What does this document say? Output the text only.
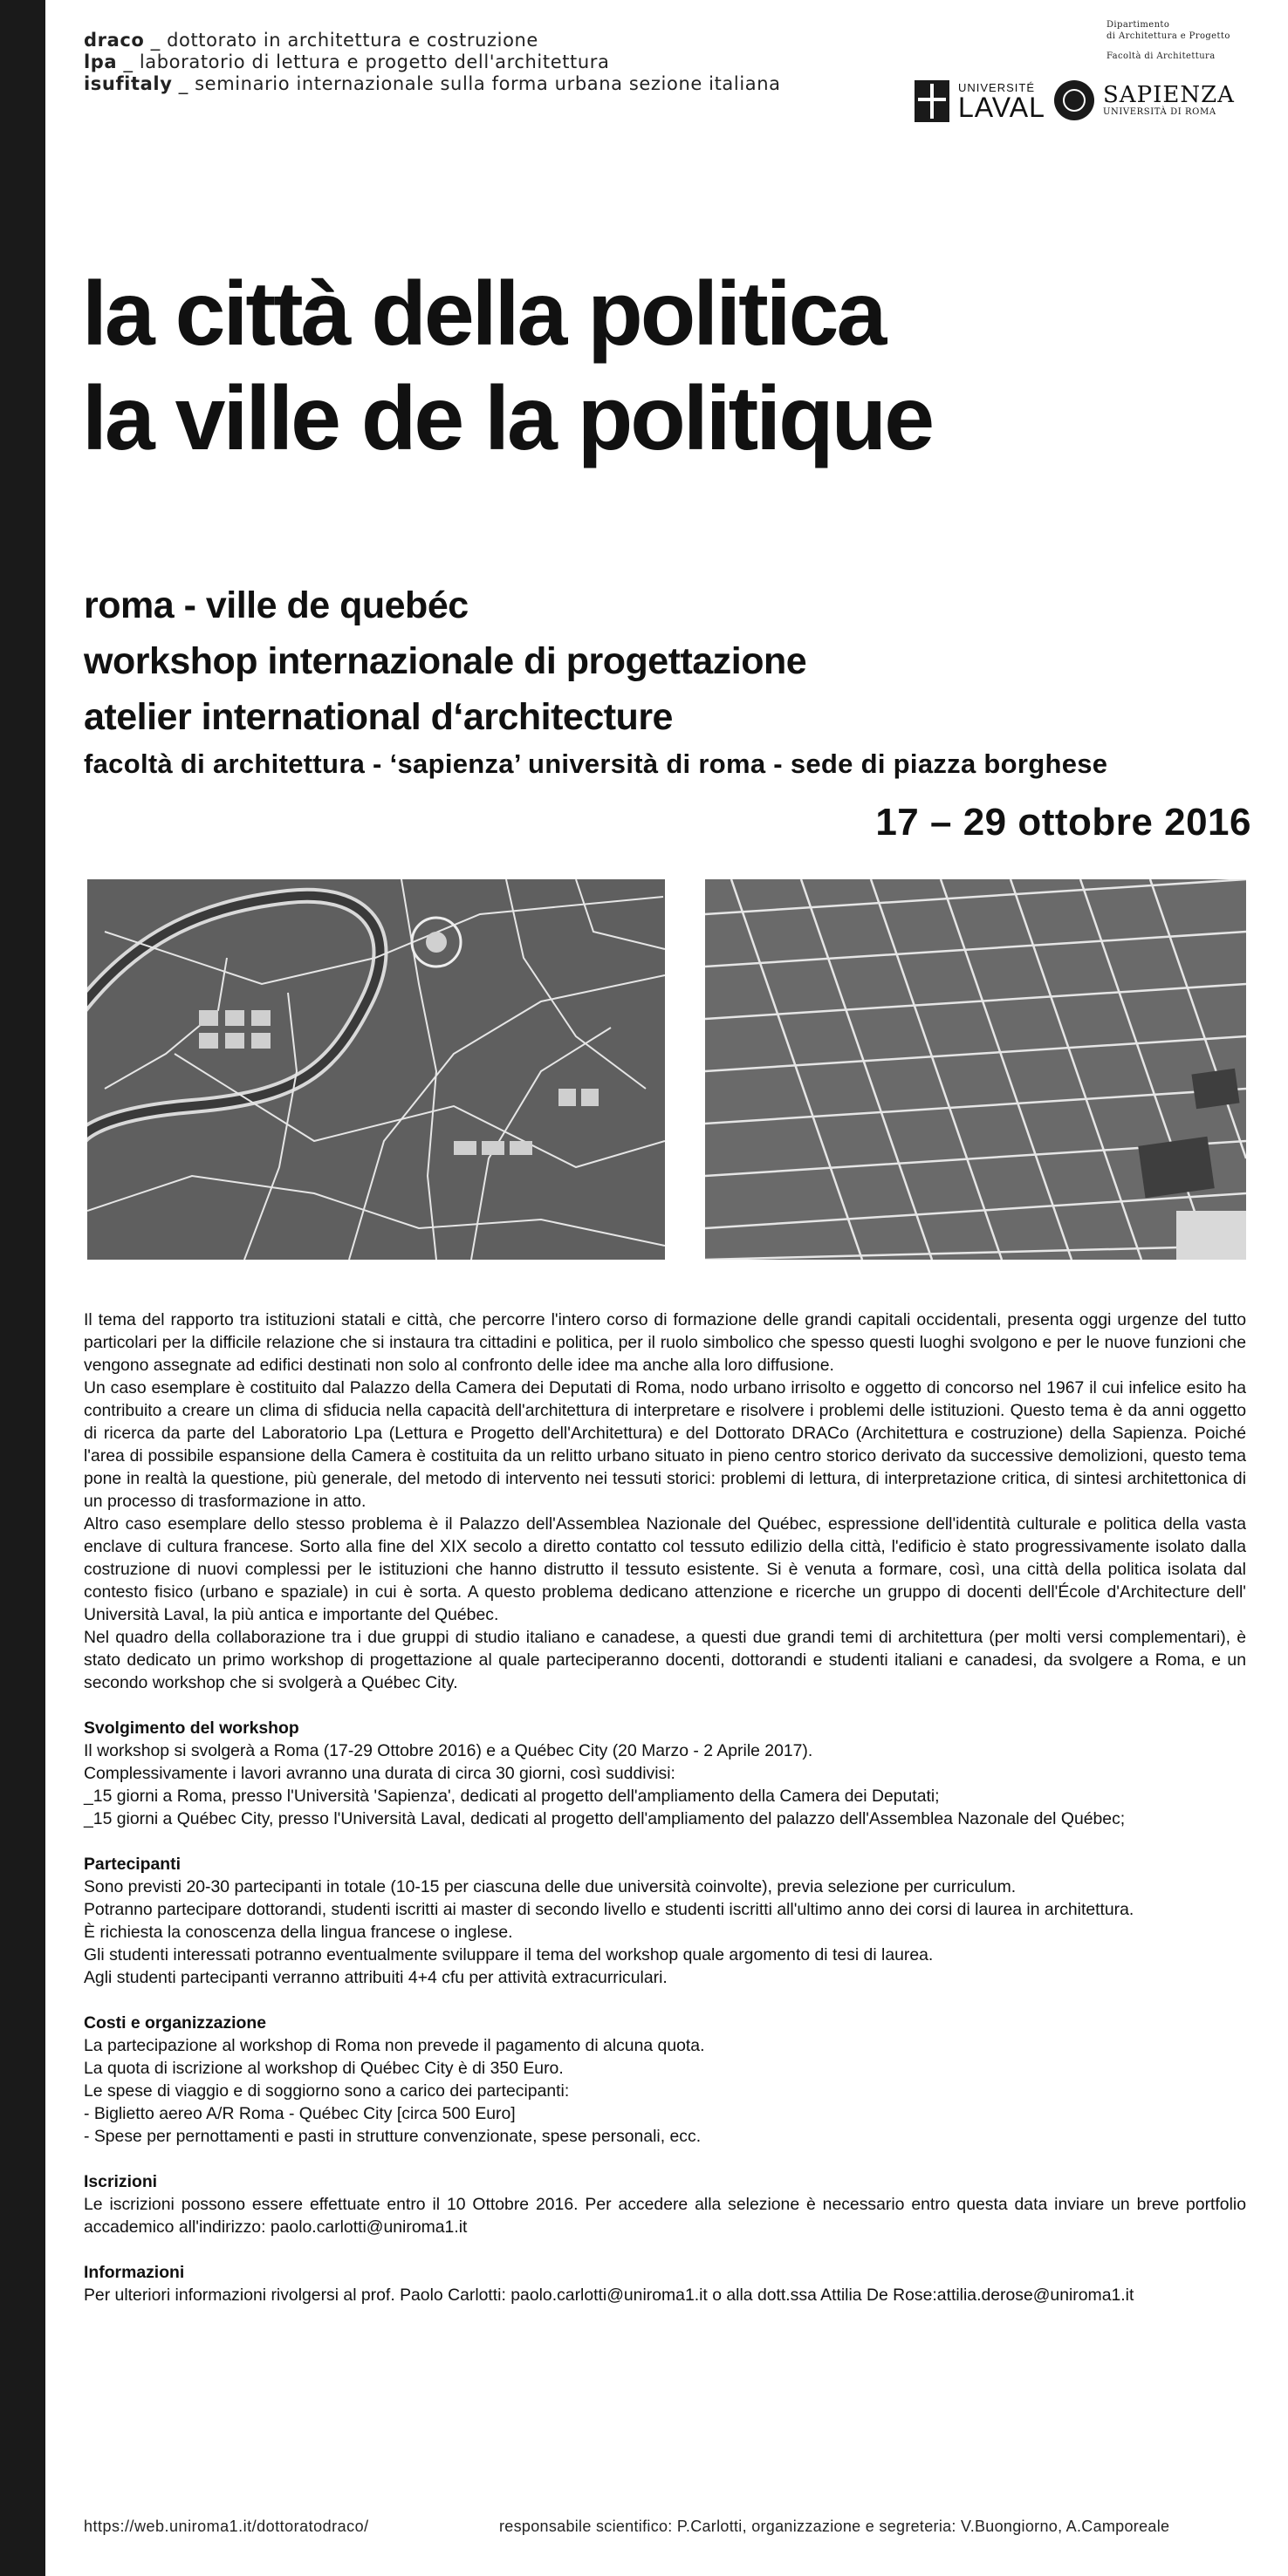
draco _ dottorato in architettura e costruzione
lpa _ laboratorio di lettura e progetto dell'architettura
isufitaly _ seminario internazionale sulla forma urbana sezione italiana
Dipartimento
di Architettura e Progetto
Facoltà di Architettura
UNIVERSITÉ
LAVAL	SAPIENZA
UNIVERSITÀ DI ROMA
la città della politica
la ville de la politique
roma - ville de quebéc
workshop internazionale di progettazione
atelier international d‘architecture
facoltà di architettura - ‘sapienza’ università di roma - sede di piazza borghese
17 – 29 ottobre 2016

Il tema del rapporto tra istituzioni statali e città, che percorre l'intero corso di formazione delle grandi capitali occidentali, presenta oggi urgenze del tutto particolari per la difficile relazione che si instaura tra cittadini e politica, per il ruolo simbolico che spesso questi luoghi svolgono e per le nuove funzioni che vengono assegnate ad edifici destinati non solo al confronto delle idee ma anche alla loro diffusione.

Un caso esemplare è costituito dal Palazzo della Camera dei Deputati di Roma, nodo urbano irrisolto e oggetto di concorso nel 1967 il cui infelice esito ha contribuito a creare un clima di sfiducia nella capacità dell'architettura di interpretare e risolvere i problemi delle istituzioni. Questo tema è da anni oggetto di ricerca da parte del Laboratorio Lpa (Lettura e Progetto dell'Architettura) e del Dottorato DRACo (Architettura e costruzione) della Sapienza. Poiché l'area di possibile espansione della Camera è costituita da un relitto urbano situato in pieno centro storico derivato da successive demolizioni, questo tema pone in realtà la questione, più generale, del metodo di intervento nei tessuti storici: problemi di lettura, di interpretazione critica, di sintesi architettonica di un processo di trasformazione in atto.

Altro caso esemplare dello stesso problema è il Palazzo dell'Assemblea Nazionale del Québec, espressione dell'identità culturale e politica della vasta enclave di cultura francese. Sorto alla fine del XIX secolo a diretto contatto col tessuto edilizio della città, l'edificio è stato progressivamente isolato dalla costruzione di nuovi complessi per le istituzioni che hanno distrutto il tessuto esistente. Si è venuta a formare, così, una città della politica isolata dal contesto fisico (urbano e spaziale) in cui è sorta. A questo problema dedicano attenzione e ricerche un gruppo di docenti dell'École d'Architecture dell' Università Laval, la più antica e importante del Québec.

Nel quadro della collaborazione tra i due gruppi di studio italiano e canadese, a questi due grandi temi di architettura (per molti versi complementari), è stato dedicato un primo workshop di progettazione al quale parteciperanno docenti, dottorandi e studenti italiani e canadesi, da svolgere a Roma, e un secondo workshop che si svolgerà a Québec City.

Svolgimento del workshop

Il workshop si svolgerà a Roma (17-29 Ottobre 2016) e a Québec City (20 Marzo - 2 Aprile 2017).

Complessivamente i lavori avranno una durata di circa 30 giorni, così suddivisi:

_15 giorni a Roma, presso l'Università 'Sapienza', dedicati al progetto dell'ampliamento della Camera dei Deputati;

_15 giorni a Québec City, presso l'Università Laval, dedicati al progetto dell'ampliamento del palazzo dell'Assemblea Nazonale del Québec;

Partecipanti

Sono previsti 20-30 partecipanti in totale (10-15 per ciascuna delle due università coinvolte), previa selezione per curriculum.

Potranno partecipare dottorandi, studenti iscritti ai master di secondo livello e studenti iscritti all'ultimo anno dei corsi di laurea in architettura.

È richiesta la conoscenza della lingua francese o inglese.

Gli studenti interessati potranno eventualmente sviluppare il tema del workshop quale argomento di tesi di laurea.

Agli studenti partecipanti verranno attribuiti 4+4 cfu per attività extracurriculari.

Costi e organizzazione

La partecipazione al workshop di Roma non prevede il pagamento di alcuna quota.

La quota di iscrizione al workshop di Québec City è di 350 Euro.

Le spese di viaggio e di soggiorno sono a carico dei partecipanti:

- Biglietto aereo A/R Roma - Québec City [circa 500 Euro]

- Spese per pernottamenti e pasti in strutture convenzionate, spese personali, ecc.

Iscrizioni

Le iscrizioni possono essere effettuate entro il 10 Ottobre 2016. Per accedere alla selezione è necessario entro questa data inviare un breve portfolio accademico all'indirizzo: paolo.carlotti@uniroma1.it

Informazioni

Per ulteriori informazioni rivolgersi al prof. Paolo Carlotti: paolo.carlotti@uniroma1.it o alla dott.ssa Attilia De Rose:attilia.derose@uniroma1.it

https://web.uniroma1.it/dottoratodraco/	responsabile scientifico: P.Carlotti, organizzazione e segreteria: V.Buongiorno, A.Camporeale
